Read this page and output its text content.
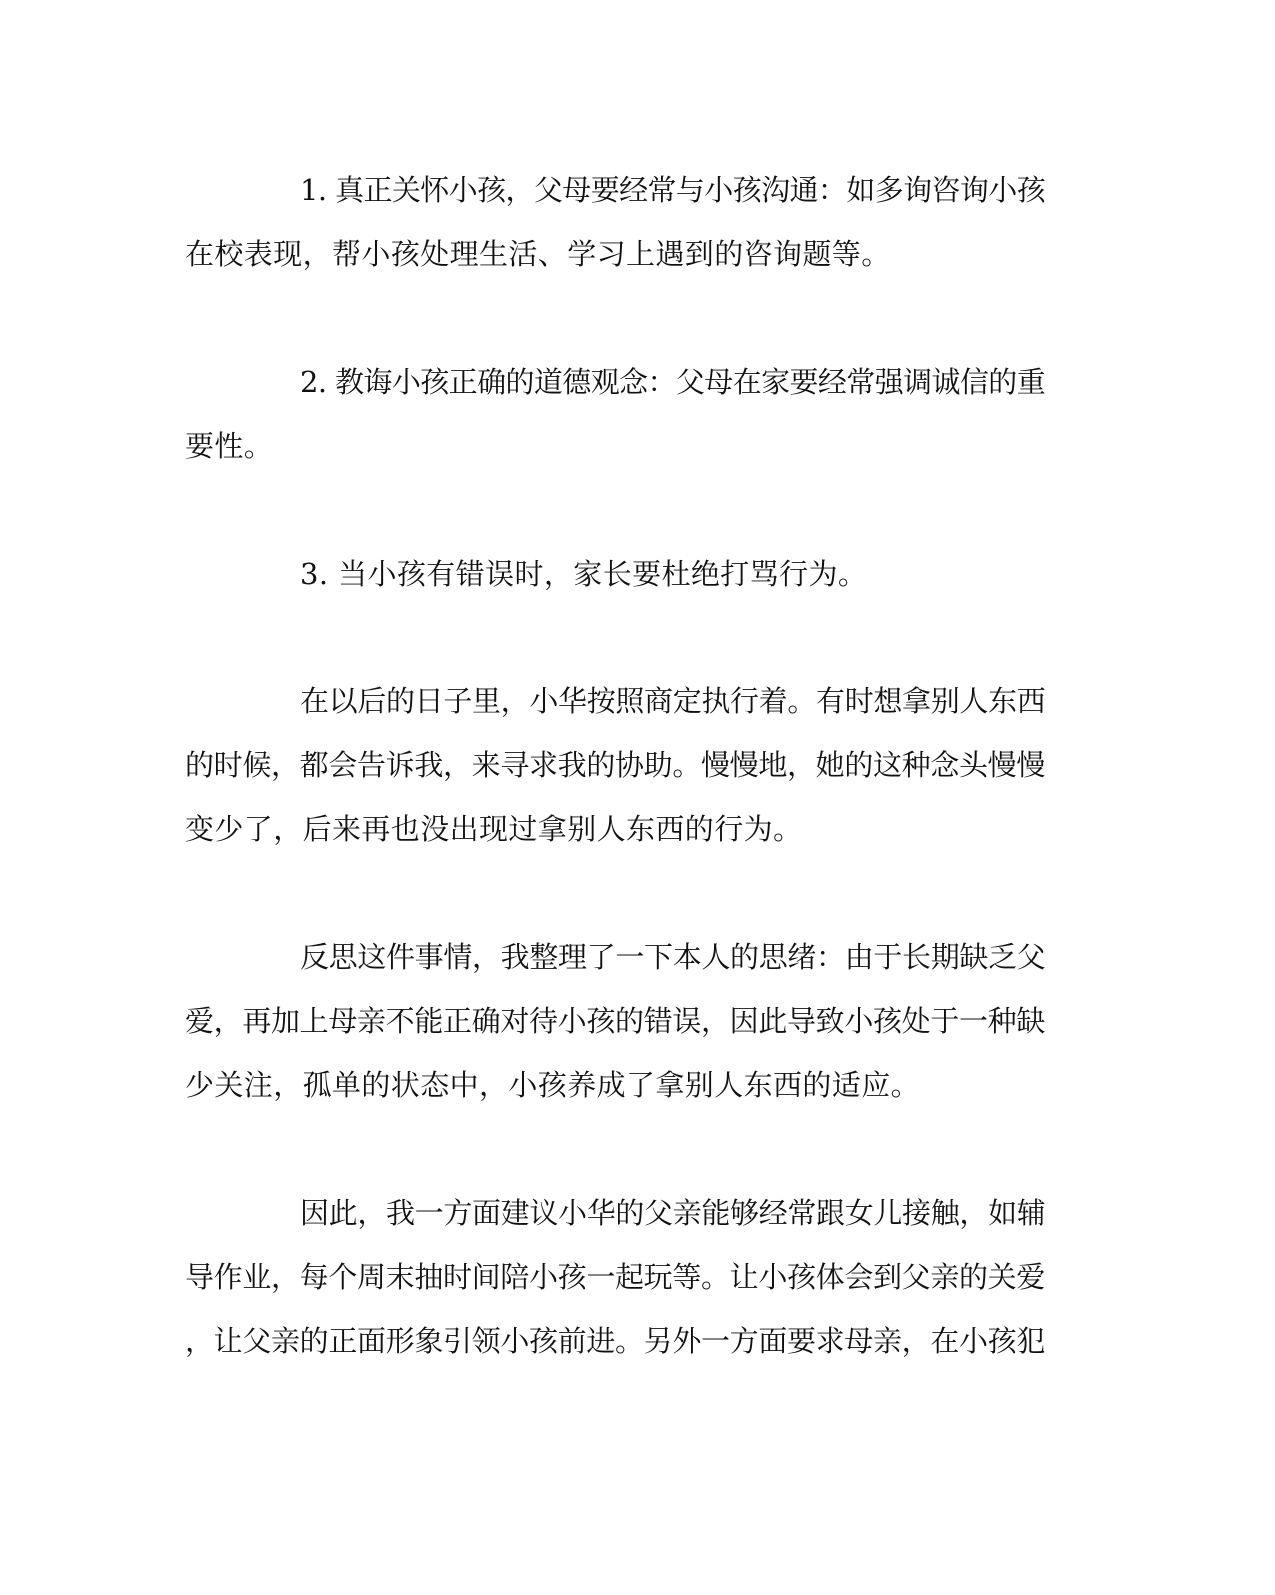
1. 真正关怀小孩，父母要经常与小孩沟通：如多询咨询小孩
在校表现，帮小孩处理生活、学习上遇到的咨询题等。
2. 教诲小孩正确的道德观念：父母在家要经常强调诚信的重
要性。
3. 当小孩有错误时，家长要杜绝打骂行为。
在以后的日子里，小华按照商定执行着。有时想拿别人东西
的时候，都会告诉我，来寻求我的协助。慢慢地，她的这种念头慢慢
变少了，后来再也没出现过拿别人东西的行为。
反思这件事情，我整理了一下本人的思绪：由于长期缺乏父
爱，再加上母亲不能正确对待小孩的错误，因此导致小孩处于一种缺
少关注，孤单的状态中，小孩养成了拿别人东西的适应。
因此，我一方面建议小华的父亲能够经常跟女儿接触，如辅
导作业，每个周末抽时间陪小孩一起玩等。让小孩体会到父亲的关爱
，让父亲的正面形象引领小孩前进。另外一方面要求母亲，在小孩犯
